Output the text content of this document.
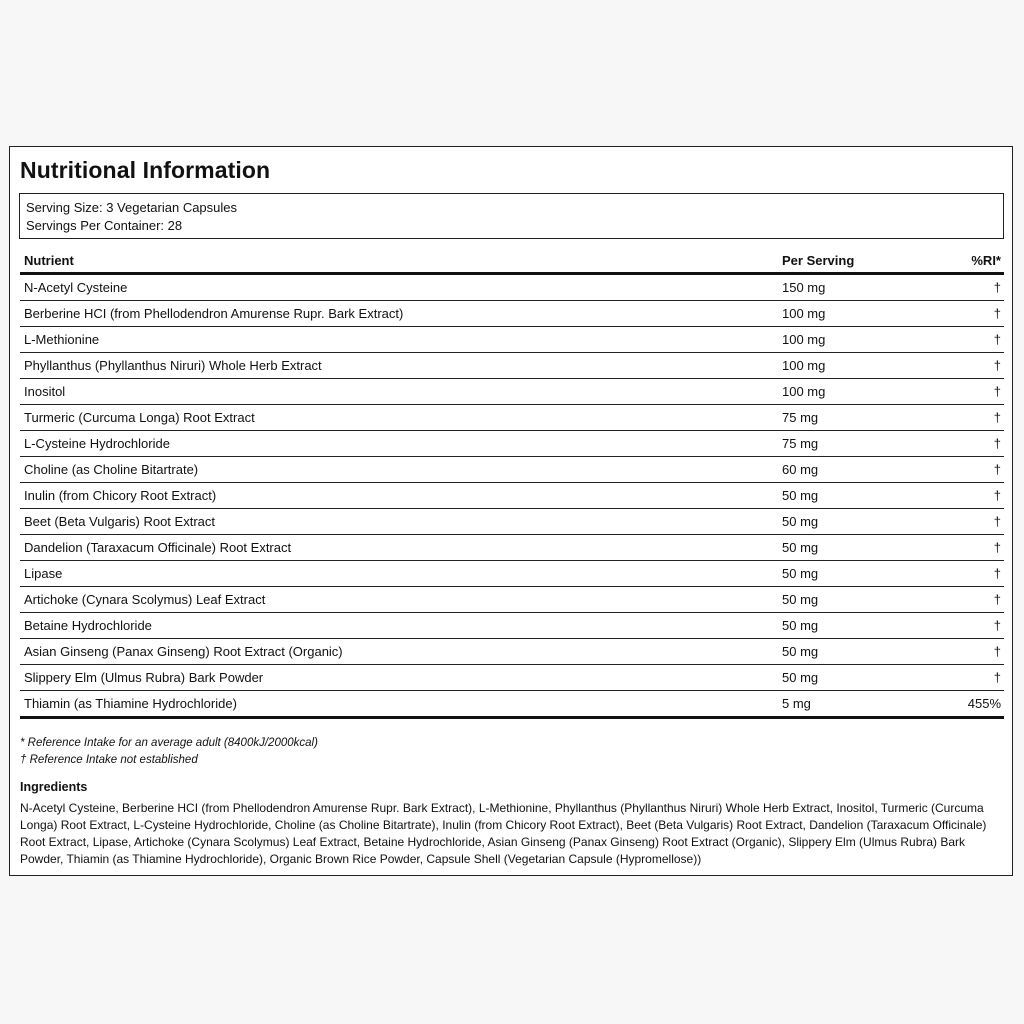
Nutritional Information
Serving Size: 3 Vegetarian Capsules
Servings Per Container: 28
Nutrient	Per Serving	%RI*
N-Acetyl Cysteine	150 mg	†
Berberine HCI (from Phellodendron Amurense Rupr. Bark Extract)	100 mg	†
L-Methionine	100 mg	†
Phyllanthus (Phyllanthus Niruri) Whole Herb Extract	100 mg	†
Inositol	100 mg	†
Turmeric (Curcuma Longa) Root Extract	75 mg	†
L-Cysteine Hydrochloride	75 mg	†
Choline (as Choline Bitartrate)	60 mg	†
Inulin (from Chicory Root Extract)	50 mg	†
Beet (Beta Vulgaris) Root Extract	50 mg	†
Dandelion (Taraxacum Officinale) Root Extract	50 mg	†
Lipase	50 mg	†
Artichoke (Cynara Scolymus) Leaf Extract	50 mg	†
Betaine Hydrochloride	50 mg	†
Asian Ginseng (Panax Ginseng) Root Extract (Organic)	50 mg	†
Slippery Elm (Ulmus Rubra) Bark Powder	50 mg	†
Thiamin (as Thiamine Hydrochloride)	5 mg	455%
* Reference Intake for an average adult (8400kJ/2000kcal)
† Reference Intake not established
Ingredients
N-Acetyl Cysteine, Berberine HCI (from Phellodendron Amurense Rupr. Bark Extract), L-Methionine, Phyllanthus (Phyllanthus Niruri) Whole Herb Extract, Inositol, Turmeric (Curcuma Longa) Root Extract, L-Cysteine Hydrochloride, Choline (as Choline Bitartrate), Inulin (from Chicory Root Extract), Beet (Beta Vulgaris) Root Extract, Dandelion (Taraxacum Officinale) Root Extract, Lipase, Artichoke (Cynara Scolymus) Leaf Extract, Betaine Hydrochloride, Asian Ginseng (Panax Ginseng) Root Extract (Organic), Slippery Elm (Ulmus Rubra) Bark Powder, Thiamin (as Thiamine Hydrochloride), Organic Brown Rice Powder, Capsule Shell (Vegetarian Capsule (Hypromellose))
